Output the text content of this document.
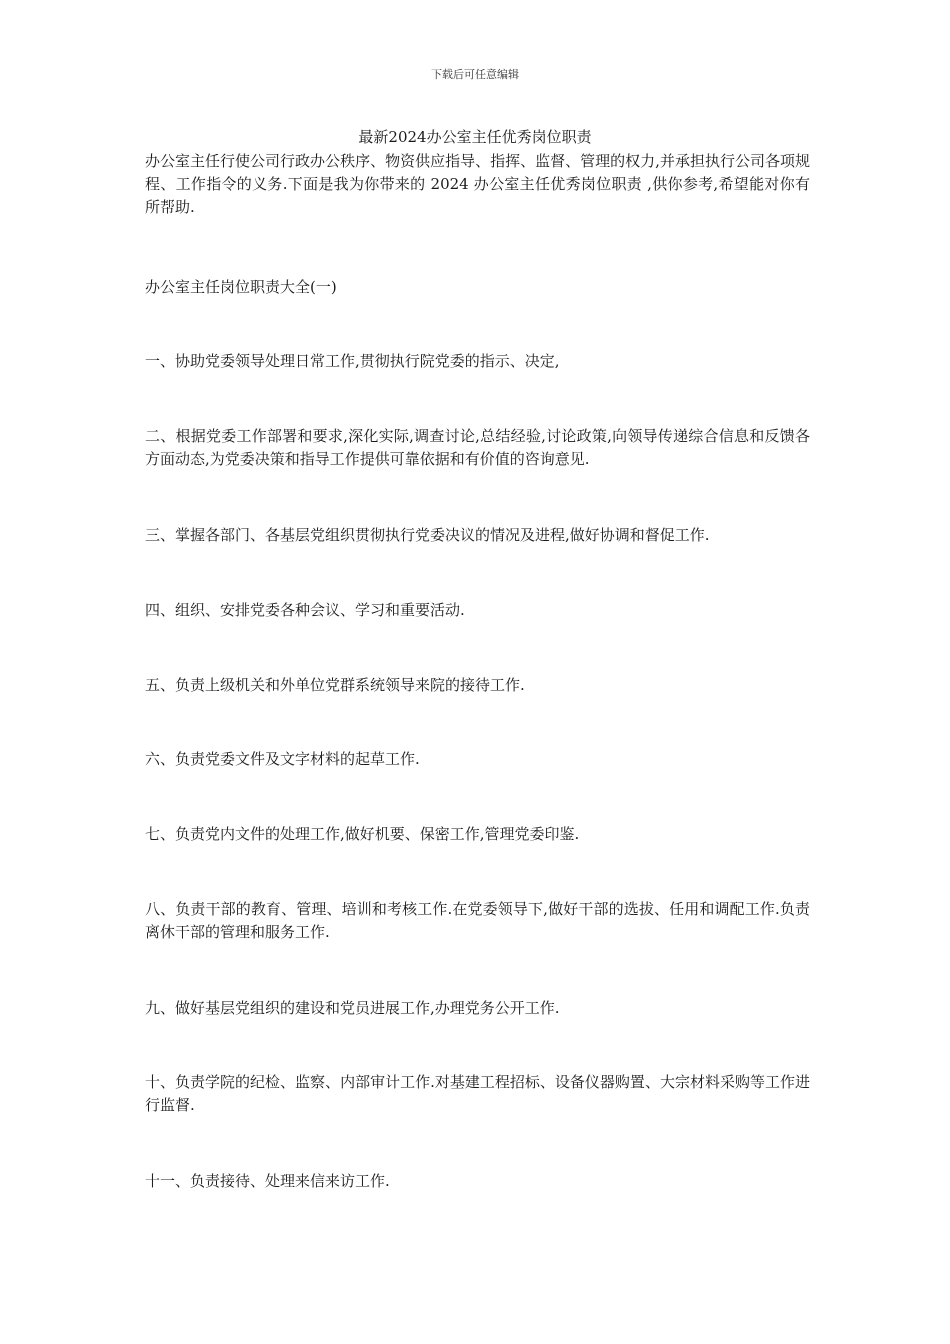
下载后可任意编辑
最新2024办公室主任优秀岗位职责

办公室主任行使公司行政办公秩序、物资供应指导、指挥、监督、管理的权力,并承担执行公司各项规程、工作指令的义务.下面是我为你带来的 2024 办公室主任优秀岗位职责 ,供你参考,希望能对你有所帮助.

办公室主任岗位职责大全(一)

一、协助党委领导处理日常工作,贯彻执行院党委的指示、决定,

二、根据党委工作部署和要求,深化实际,调查讨论,总结经验,讨论政策,向领导传递综合信息和反馈各方面动态,为党委决策和指导工作提供可靠依据和有价值的咨询意见.

三、掌握各部门、各基层党组织贯彻执行党委决议的情况及进程,做好协调和督促工作.

四、组织、安排党委各种会议、学习和重要活动.

五、负责上级机关和外单位党群系统领导来院的接待工作.

六、负责党委文件及文字材料的起草工作.

七、负责党内文件的处理工作,做好机要、保密工作,管理党委印鉴.

八、负责干部的教育、管理、培训和考核工作.在党委领导下,做好干部的选拔、任用和调配工作.负责离休干部的管理和服务工作.

九、做好基层党组织的建设和党员进展工作,办理党务公开工作.

十、负责学院的纪检、监察、内部审计工作.对基建工程招标、设备仪器购置、大宗材料采购等工作进行监督.

十一、负责接待、处理来信来访工作.
